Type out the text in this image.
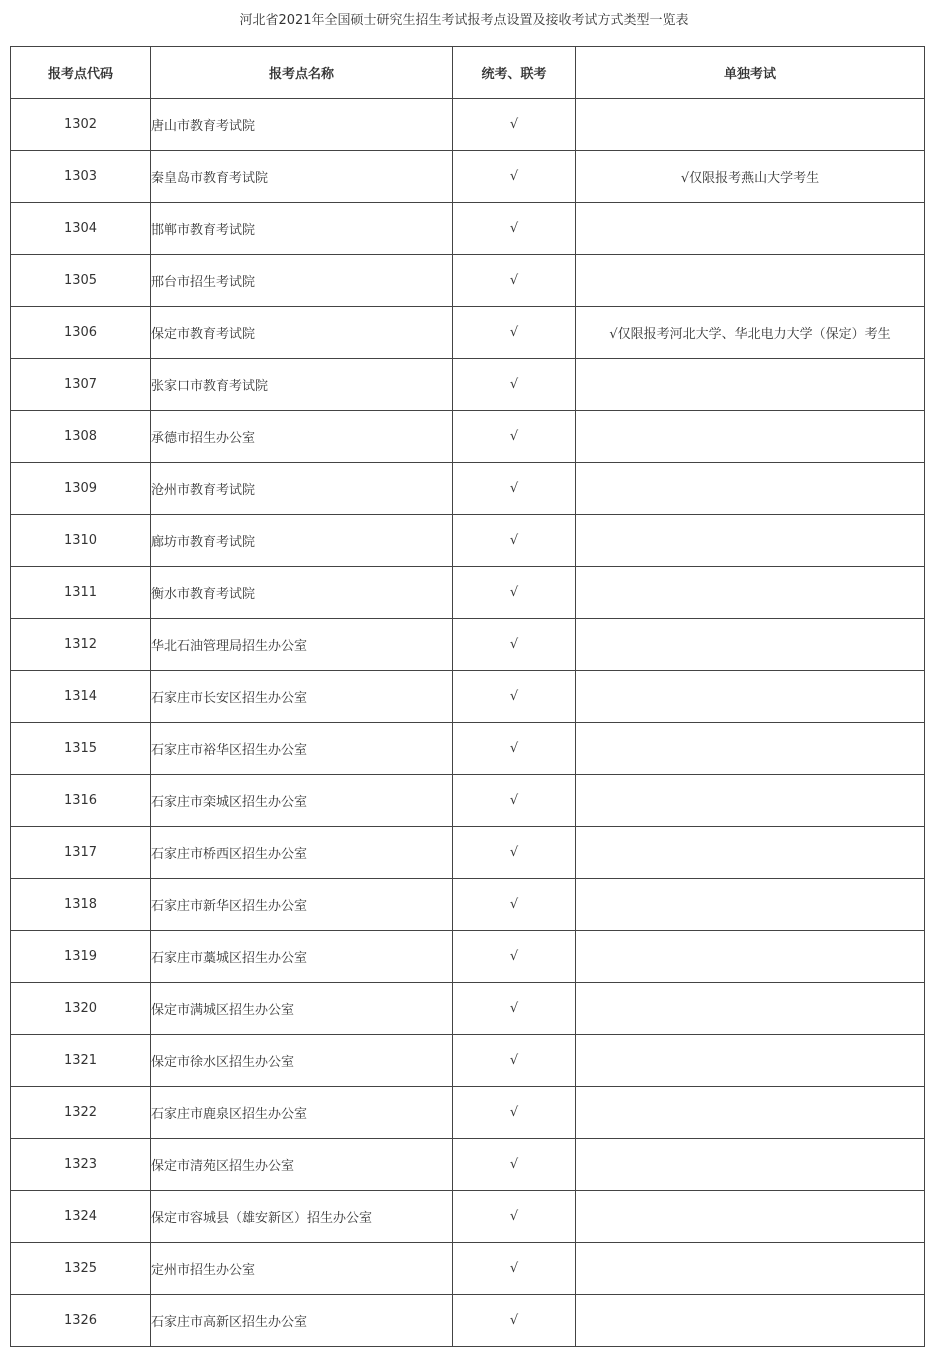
河北省2021年全国硕士研究生招生考试报考点设置及接收考试方式类型一览表
报考点代码	报考点名称	统考、联考	单独考试
1302	唐山市教育考试院	√	
1303	秦皇岛市教育考试院	√	√仅限报考燕山大学考生
1304	邯郸市教育考试院	√	
1305	邢台市招生考试院	√	
1306	保定市教育考试院	√	√仅限报考河北大学、华北电力大学（保定）考生
1307	张家口市教育考试院	√	
1308	承德市招生办公室	√	
1309	沧州市教育考试院	√	
1310	廊坊市教育考试院	√	
1311	衡水市教育考试院	√	
1312	华北石油管理局招生办公室	√	
1314	石家庄市长安区招生办公室	√	
1315	石家庄市裕华区招生办公室	√	
1316	石家庄市栾城区招生办公室	√	
1317	石家庄市桥西区招生办公室	√	
1318	石家庄市新华区招生办公室	√	
1319	石家庄市藁城区招生办公室	√	
1320	保定市满城区招生办公室	√	
1321	保定市徐水区招生办公室	√	
1322	石家庄市鹿泉区招生办公室	√	
1323	保定市清苑区招生办公室	√	
1324	保定市容城县（雄安新区）招生办公室	√	
1325	定州市招生办公室	√	
1326	石家庄市高新区招生办公室	√	
